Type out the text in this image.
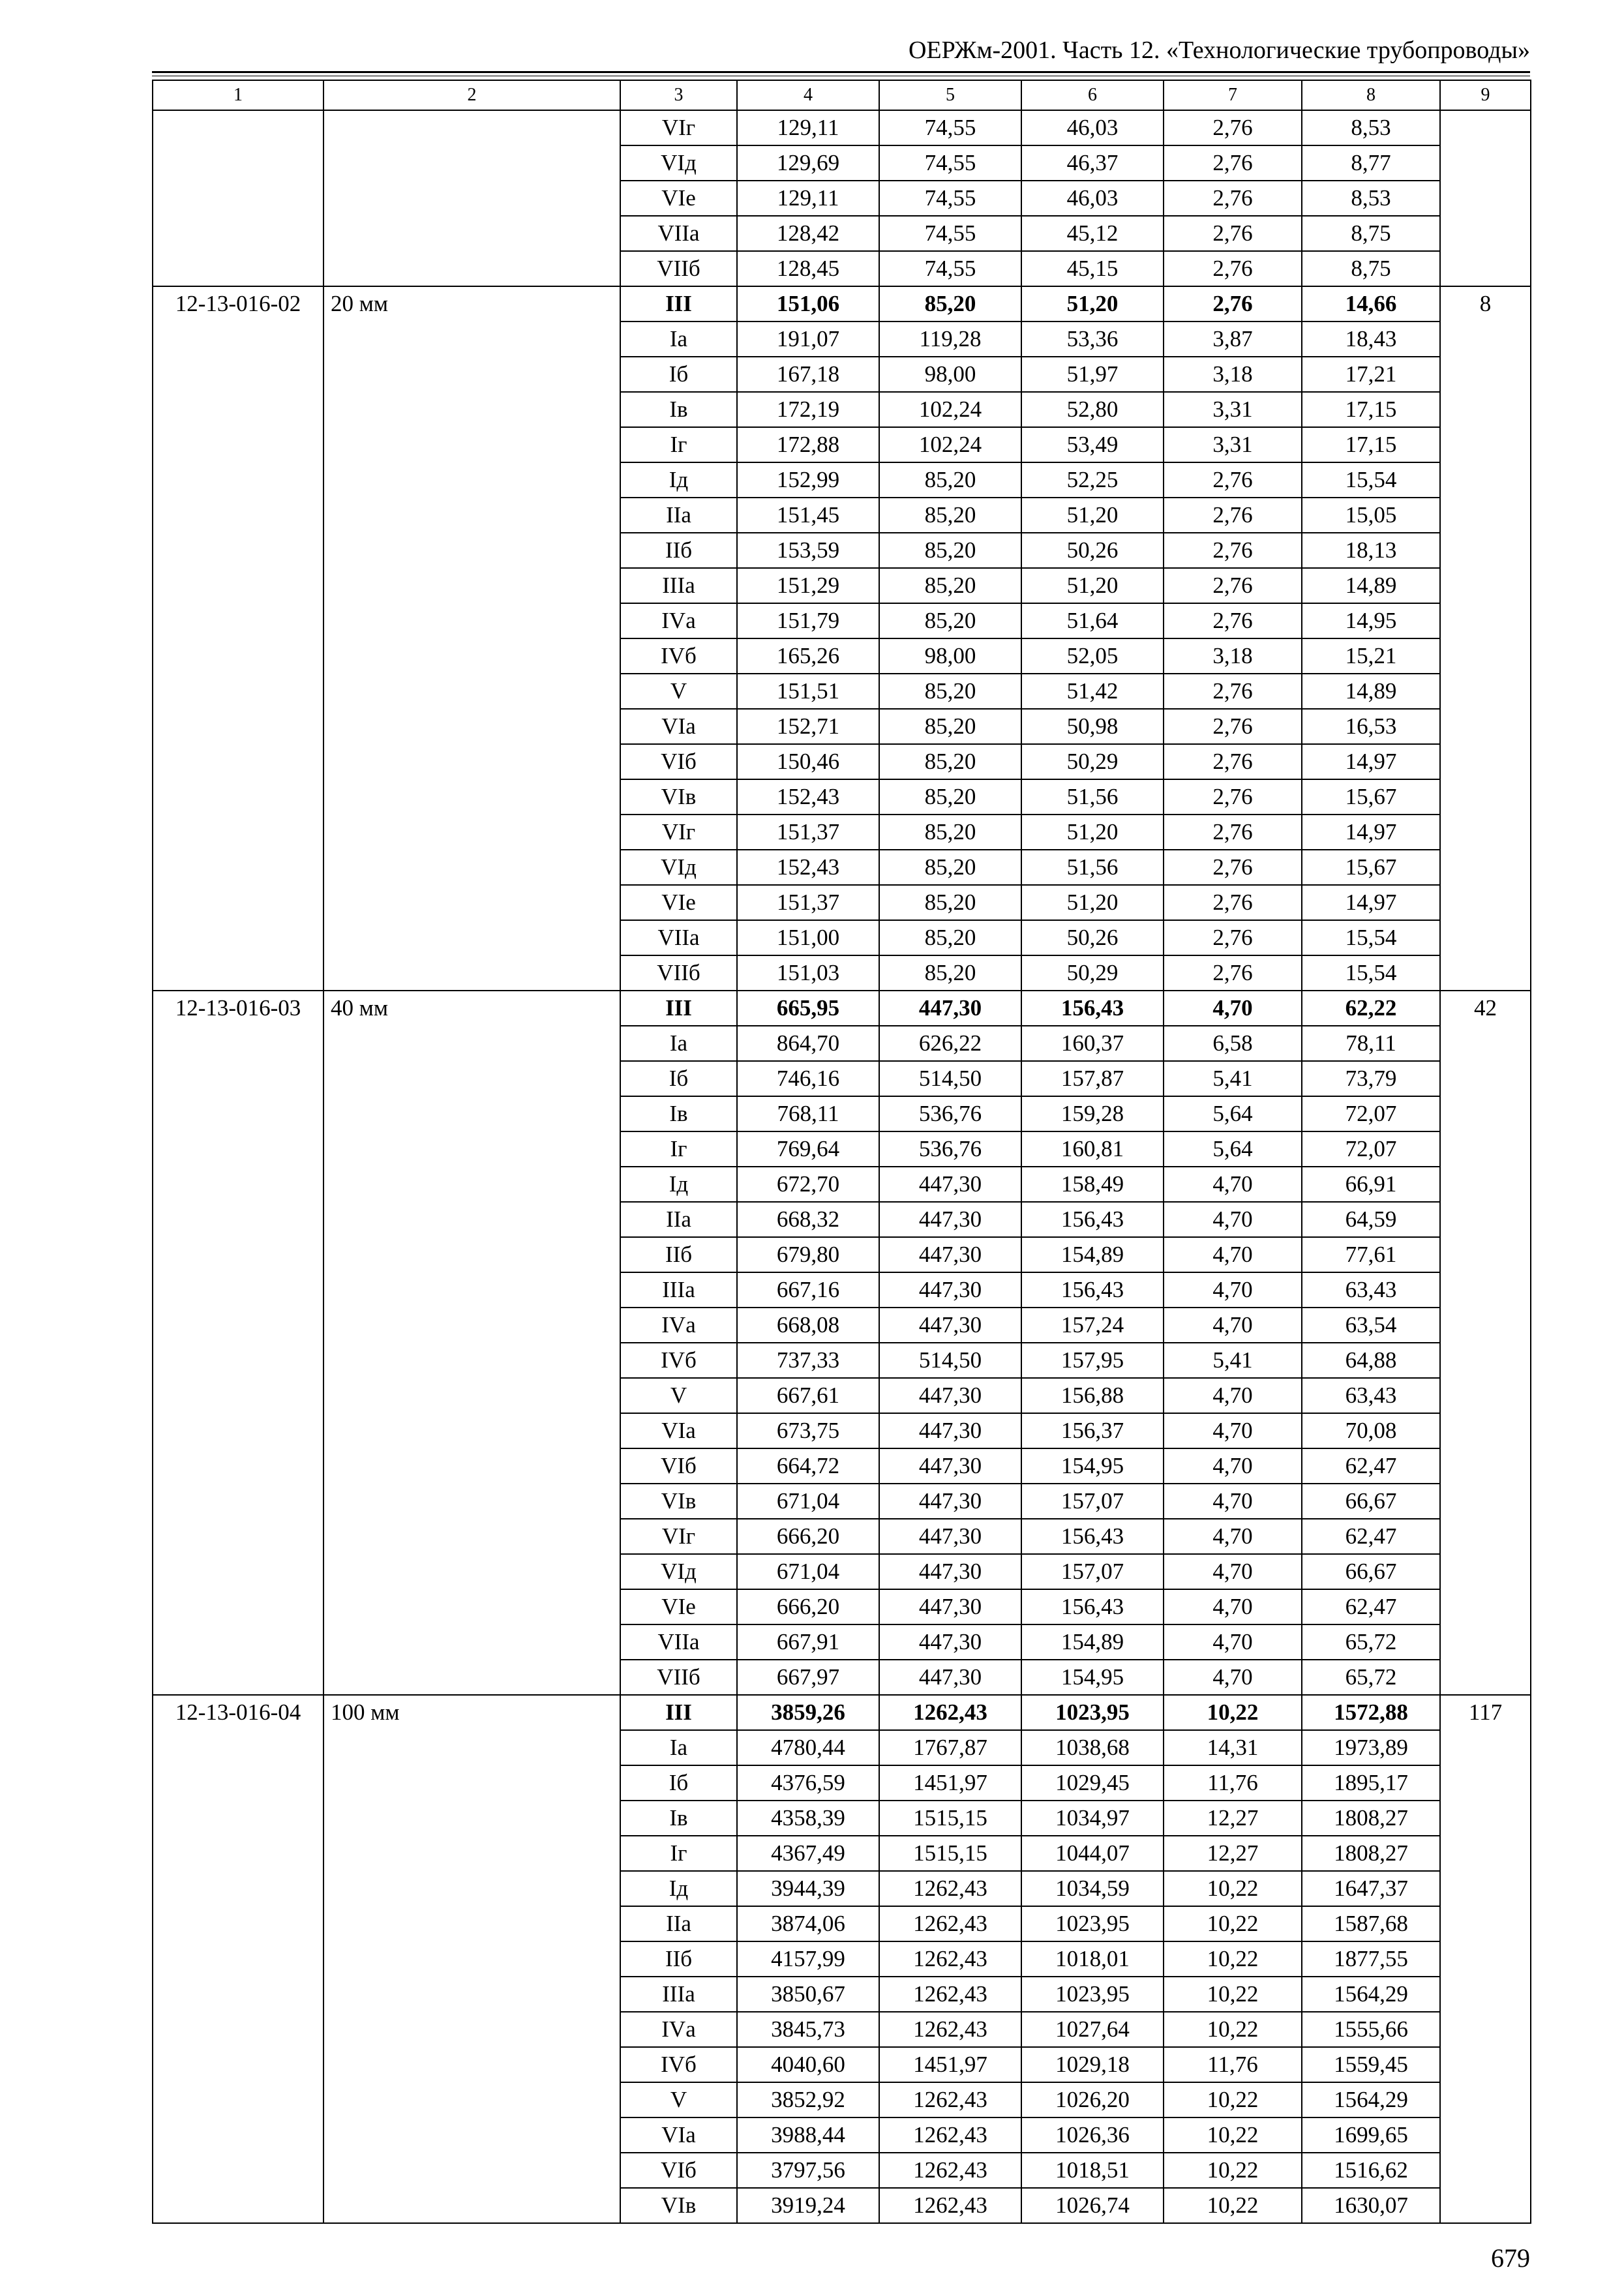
ОЕРЖм-2001. Часть 12. «Технологические трубопроводы»
1	2	3	4	5	6	7	8	9
		VIг	129,11	74,55	46,03	2,76	8,53	
		VIд	129,69	74,55	46,37	2,76	8,77	
		VIе	129,11	74,55	46,03	2,76	8,53	
		VIIа	128,42	74,55	45,12	2,76	8,75	
		VIIб	128,45	74,55	45,15	2,76	8,75	
12-13-016-02	20 мм	III	151,06	85,20	51,20	2,76	14,66	8
		Iа	191,07	119,28	53,36	3,87	18,43	
		Iб	167,18	98,00	51,97	3,18	17,21	
		Iв	172,19	102,24	52,80	3,31	17,15	
		Iг	172,88	102,24	53,49	3,31	17,15	
		Iд	152,99	85,20	52,25	2,76	15,54	
		IIа	151,45	85,20	51,20	2,76	15,05	
		IIб	153,59	85,20	50,26	2,76	18,13	
		IIIа	151,29	85,20	51,20	2,76	14,89	
		IVа	151,79	85,20	51,64	2,76	14,95	
		IVб	165,26	98,00	52,05	3,18	15,21	
		V	151,51	85,20	51,42	2,76	14,89	
		VIа	152,71	85,20	50,98	2,76	16,53	
		VIб	150,46	85,20	50,29	2,76	14,97	
		VIв	152,43	85,20	51,56	2,76	15,67	
		VIг	151,37	85,20	51,20	2,76	14,97	
		VIд	152,43	85,20	51,56	2,76	15,67	
		VIе	151,37	85,20	51,20	2,76	14,97	
		VIIа	151,00	85,20	50,26	2,76	15,54	
		VIIб	151,03	85,20	50,29	2,76	15,54	
12-13-016-03	40 мм	III	665,95	447,30	156,43	4,70	62,22	42
		Iа	864,70	626,22	160,37	6,58	78,11	
		Iб	746,16	514,50	157,87	5,41	73,79	
		Iв	768,11	536,76	159,28	5,64	72,07	
		Iг	769,64	536,76	160,81	5,64	72,07	
		Iд	672,70	447,30	158,49	4,70	66,91	
		IIа	668,32	447,30	156,43	4,70	64,59	
		IIб	679,80	447,30	154,89	4,70	77,61	
		IIIа	667,16	447,30	156,43	4,70	63,43	
		IVа	668,08	447,30	157,24	4,70	63,54	
		IVб	737,33	514,50	157,95	5,41	64,88	
		V	667,61	447,30	156,88	4,70	63,43	
		VIа	673,75	447,30	156,37	4,70	70,08	
		VIб	664,72	447,30	154,95	4,70	62,47	
		VIв	671,04	447,30	157,07	4,70	66,67	
		VIг	666,20	447,30	156,43	4,70	62,47	
		VIд	671,04	447,30	157,07	4,70	66,67	
		VIе	666,20	447,30	156,43	4,70	62,47	
		VIIа	667,91	447,30	154,89	4,70	65,72	
		VIIб	667,97	447,30	154,95	4,70	65,72	
12-13-016-04	100 мм	III	3859,26	1262,43	1023,95	10,22	1572,88	117
		Iа	4780,44	1767,87	1038,68	14,31	1973,89	
		Iб	4376,59	1451,97	1029,45	11,76	1895,17	
		Iв	4358,39	1515,15	1034,97	12,27	1808,27	
		Iг	4367,49	1515,15	1044,07	12,27	1808,27	
		Iд	3944,39	1262,43	1034,59	10,22	1647,37	
		IIа	3874,06	1262,43	1023,95	10,22	1587,68	
		IIб	4157,99	1262,43	1018,01	10,22	1877,55	
		IIIа	3850,67	1262,43	1023,95	10,22	1564,29	
		IVа	3845,73	1262,43	1027,64	10,22	1555,66	
		IVб	4040,60	1451,97	1029,18	11,76	1559,45	
		V	3852,92	1262,43	1026,20	10,22	1564,29	
		VIа	3988,44	1262,43	1026,36	10,22	1699,65	
		VIб	3797,56	1262,43	1018,51	10,22	1516,62	
		VIв	3919,24	1262,43	1026,74	10,22	1630,07	
679
